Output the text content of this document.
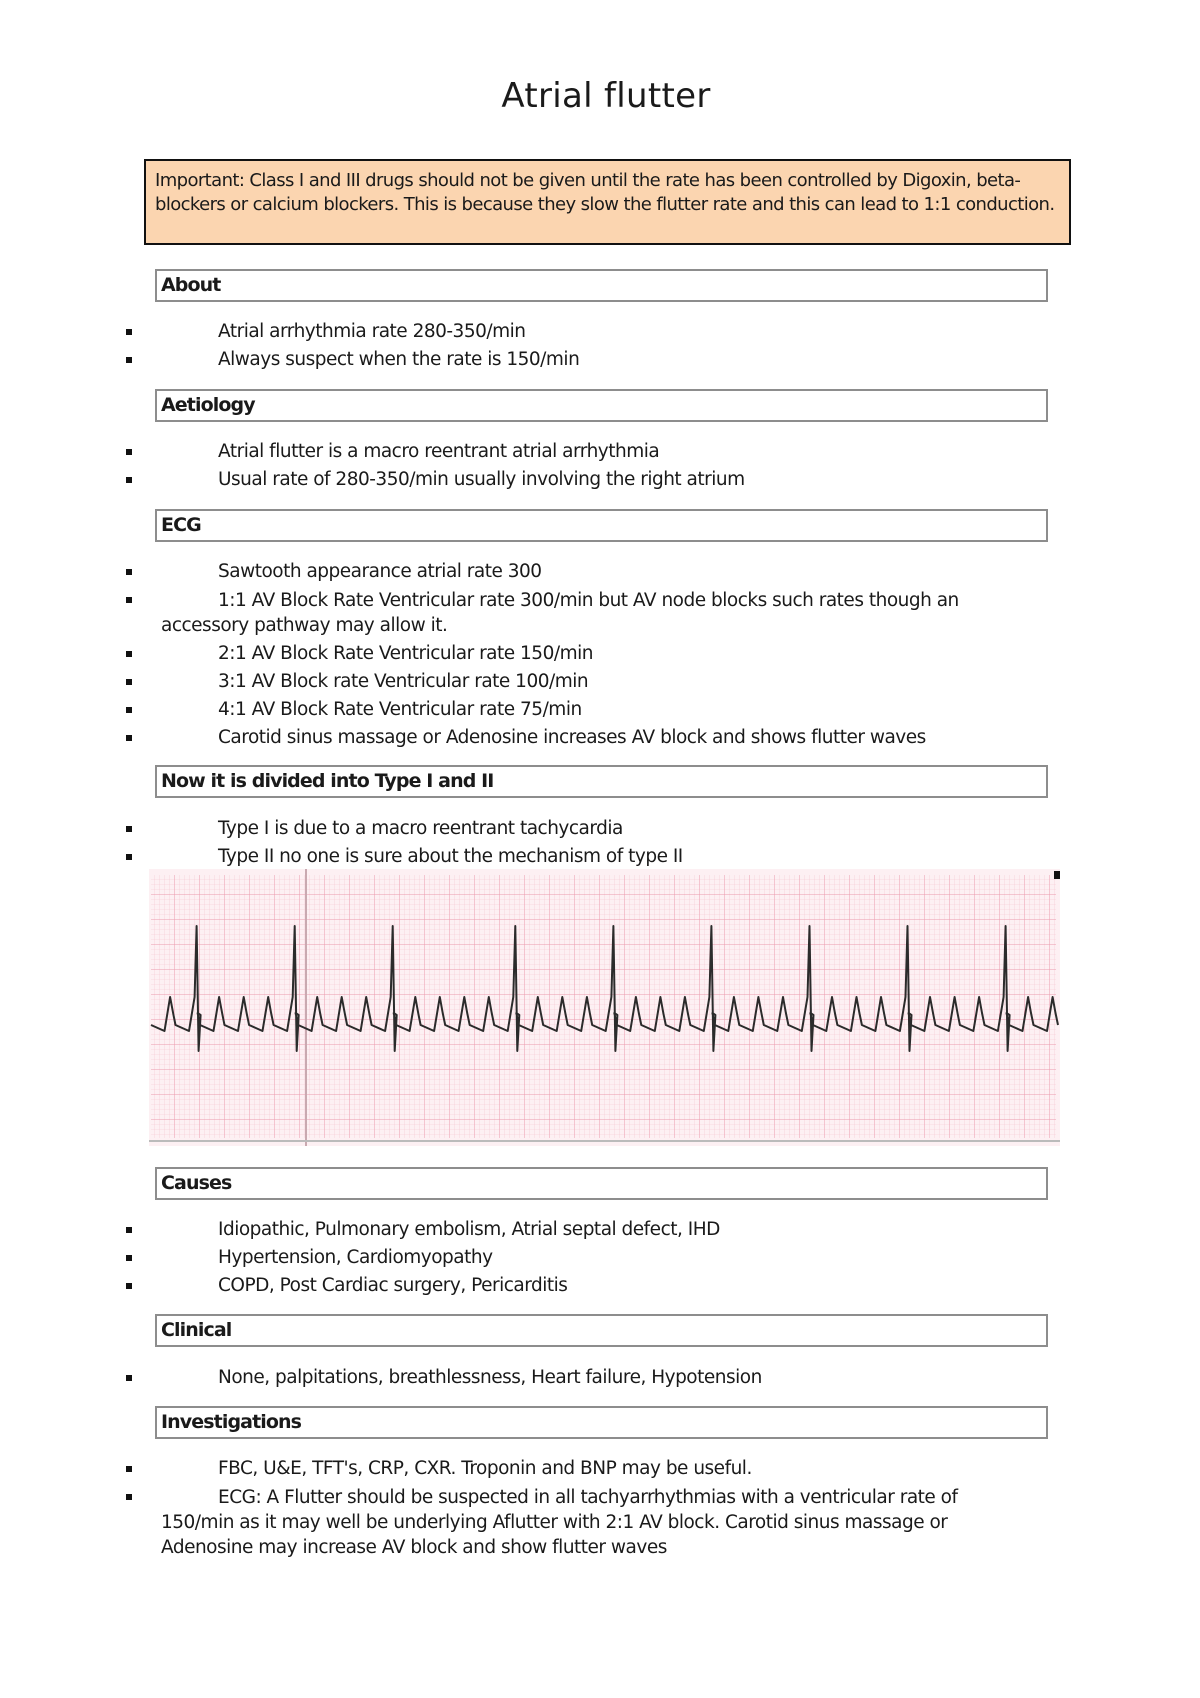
Atrial flutter
Important: Class I and III drugs should not be given until the rate has been controlled by Digoxin, beta-blockers or calcium blockers. This is because they slow the flutter rate and this can lead to 1:1 conduction.
About
Atrial arrhythmia rate 280-350/min
Always suspect when the rate is 150/min
Aetiology
Atrial flutter is a macro reentrant atrial arrhythmia
Usual rate of 280-350/min usually involving the right atrium
ECG
Sawtooth appearance atrial rate 300
1:1 AV Block Rate Ventricular rate 300/min but AV node blocks such rates though an accessory pathway may allow it.
2:1 AV Block Rate Ventricular rate 150/min
3:1 AV Block rate Ventricular rate 100/min
4:1 AV Block Rate Ventricular rate 75/min
Carotid sinus massage or Adenosine increases AV block and shows flutter waves
Now it is divided into Type I and II
Type I is due to a macro reentrant tachycardia
Type II no one is sure about the mechanism of type II
Causes
Idiopathic, Pulmonary embolism, Atrial septal defect, IHD
Hypertension, Cardiomyopathy
COPD, Post Cardiac surgery, Pericarditis
Clinical
None, palpitations, breathlessness, Heart failure, Hypotension
Investigations
FBC, U&E, TFT's, CRP, CXR. Troponin and BNP may be useful.
ECG: A Flutter should be suspected in all tachyarrhythmias with a ventricular rate of 150/min as it may well be underlying Aflutter with 2:1 AV block. Carotid sinus massage or Adenosine may increase AV block and show flutter waves
